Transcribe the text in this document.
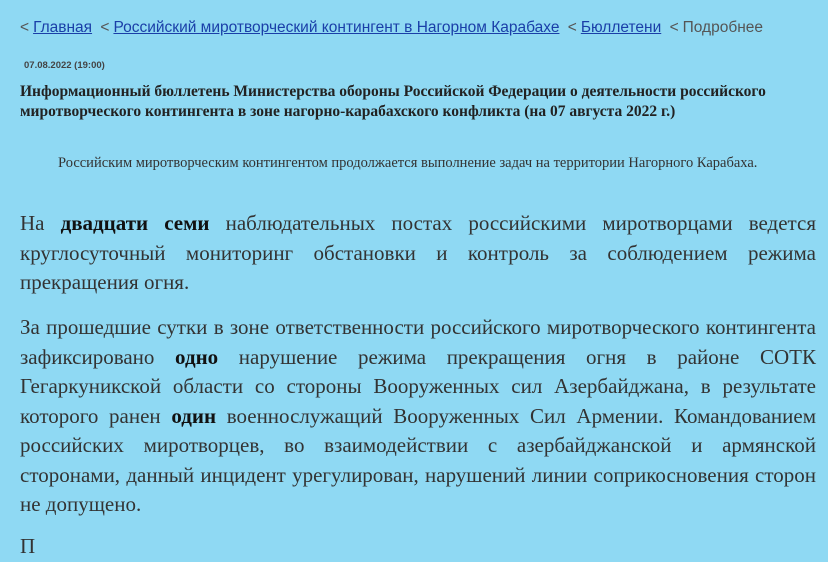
< Главная < Российский миротворческий контингент в Нагорном Карабахе < Бюллетени < Подробнее
07.08.2022 (19:00)
Информационный бюллетень Министерства обороны Российской Федерации о деятельности российского миротворческого контингента в зоне нагорно-карабахского конфликта (на 07 августа 2022 г.)

Российским миротворческим контингентом продолжается выполнение задач на территории Нагорного Карабаха.

На двадцати семи наблюдательных постах российскими миротворцами ведется круглосуточный мониторинг обстановки и контроль за соблюдением режима прекращения огня.

За прошедшие сутки в зоне ответственности российского миротворческого контингента зафиксировано одно нарушение режима прекращения огня в районе СОТК Гегаркуникской области со стороны Вооруженных сил Азербайджана, в результате которого ранен один военнослужащий Вооруженных Сил Армении. Командованием российских миротворцев, во взаимодействии с азербайджанской и армянской сторонами, данный инцидент урегулирован, нарушений линии соприкосновения сторон не допущено.

П
